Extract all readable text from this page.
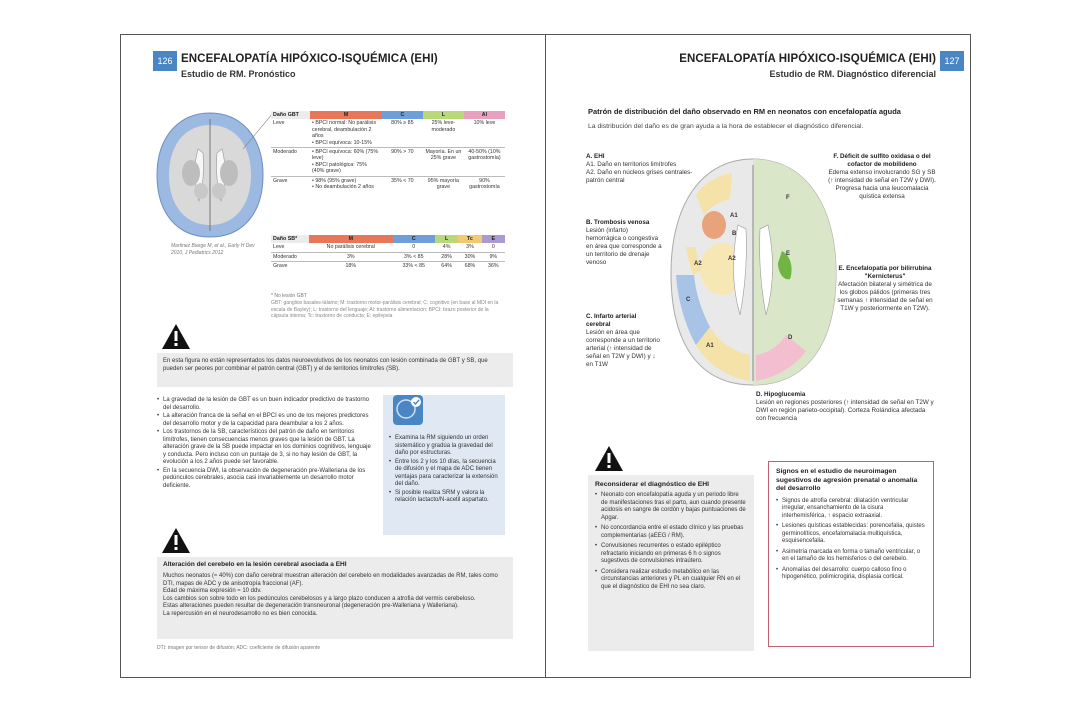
126 ENCEFALOPATÍA HIPÓXICO-ISQUÉMICA (EHI)
Estudio de RM. Pronóstico
Martinez Biarge M, et al., Early H Dev 2010, J Pediatrics 2012
Daño GBT	M	C	L	Al
Leve	• BPCI normal: No parálisis cerebral, deambulación 2 años
• BPCI equívoca: 10-15%	80% ≥ 85	25% leve-moderado	10% leve
Moderado	• BPCI equívoca: 60% (75% leve)
• BPCI patológica: 75% (40% grave)	90% > 70	Mayoría. En un 25% grave	40-50% (10% gastrostomía)
Grave	• 98% (95% grave)
• No deambulación 2 años	35% < 70	95% mayoría grave	90% gastrostomía
Daño SB*	M	C	L	Tc	E
Leve	No parálisis cerebral	0	4%	3%	0
Moderado	3%	3% < 85	28%	30%	9%
Grave	18%	33% < 85	64%	68%	36%
* No lesión GBT
GBT: ganglios basales-tálamo; M: trastorno motor-parálisis cerebral; C: cognitivo (en base al MDI en la escala de Bayley); L: trastorno del lenguaje; Al: trastorno alimentación; BPCI: brazo posterior de la cápsula interna; Tc: trastorno de conducta; E: epilepsia
En esta figura no están representados los datos neuroevolutivos de los neonatos con lesión combinada de GBT y SB, que pueden ser peores por combinar el patrón central (GBT) y el de territorios limítrofes (SB).
• La gravedad de la lesión de GBT es un buen indicador predictivo de trastorno del desarrollo.
• La alteración franca de la señal en el BPCI es uno de los mejores predictores del desarrollo motor y de la capacidad para deambular a los 2 años.
• Los trastornos de la SB, característicos del patrón de daño en territorios limítrofes, tienen consecuencias menos graves que la lesión de GBT. La alteración grave de la SB puede impactar en los dominios cognitivos, lenguaje y conducta. Pero incluso con un puntaje de 3, si no hay lesión de GBT, la evolución a los 2 años puede ser favorable.
• En la secuencia DWI, la observación de degeneración pre-Walleriana de los pedúnculos cerebrales, asocia casi invariablemente un desarrollo motor deficiente.
• Examina la RM siguiendo un orden sistemático y gradúa la gravedad del daño por estructuras.
• Entre los 2 y los 10 días, la secuencia de difusión y el mapa de ADC tienen ventajas para caracterizar la extensión del daño.
• Si posible realiza SRM y valora la relación lactacto/N-acetil aspartato.
Alteración del cerebelo en la lesión cerebral asociada a EHI
Muchos neonatos (≈ 40%) con daño cerebral muestran alteración del cerebelo en modalidades avanzadas de RM, tales como DTI, mapas de ADC y de anisotropía fraccional (AF).
Edad de máxima expresión ≈ 10 ddv.
Los cambios son sobre todo en los pedúnculos cerebelosos y a largo plazo conducen a atrofia del vermis cerebeloso.
Estas alteraciones pueden resultar de degeneración transneuronal (degeneración pre-Walleriana y Walleriana).
La repercusión en el neurodesarrollo no es bien conocida.
DTI: imagen por tensor de difusión; ADC: coeficiente de difusión aparente
ENCEFALOPATÍA HIPÓXICO-ISQUÉMICA (EHI)
Estudio de RM. Diagnóstico diferencial
127
Patrón de distribución del daño observado en RM en neonatos con encefalopatía aguda
La distribución del daño es de gran ayuda a la hora de establecer el diagnóstico diferencial.
A1
B
A2
A2
E
F
C
A1
D
A. EHI
A1. Daño en territorios limítrofes
A2. Daño en núcleos grises centrales-patrón central
B. Trombosis venosa
Lesión (infarto) hemorrágica o congestiva en área que corresponde a un territorio de drenaje venoso
C. Infarto arterial cerebral
Lesión en área que corresponde a un territorio arterial (↑ intensidad de señal en T2W y DWI) y ↓ en T1W
F. Déficit de sulfito oxidasa o del cofactor de mobilideno
Edema extenso involucrando SG y SB (↑ intensidad de señal en T2W y DWI). Progresa hacia una leucomalacia quística extensa
E. Encefalopatía por bilirrubina "Kernicterus"
Afectación bilateral y simétrica de los globos pálidos (primeras tres semanas ↑ intensidad de señal en T1W y posteriormente en T2W).
D. Hipoglucemia
Lesión en regiones posteriores (↑ intensidad de señal en T2W y DWI en región parieto-occipital). Corteza Rolándica afectada con frecuencia
Reconsiderar el diagnóstico de EHI
• Neonato con encefalopatía aguda y un periodo libre de manifestaciones tras el parto, aun cuando presente acidosis en sangre de cordón y bajas puntuaciones de Apgar.
• No concordancia entre el estado clínico y las pruebas complementarias (aEEG / RM).
• Convulsiones recurrentes o estado epiléptico refractario iniciando en primeras 6 h o signos sugestivos de convulsiones intraútero.
• Considera realizar estudio metabólico en las circunstancias anteriores y PL en cualquier RN en el que el diagnóstico de EHI no sea claro.
Signos en el estudio de neuroimagen sugestivos de agresión prenatal o anomalía del desarrollo
• Signos de atrofia cerebral: dilatación ventricular irregular, ensanchamiento de la cisura interhemisférica, ↑ espacio extraaxial.
• Lesiones quísticas establecidas: porencefalia, quistes germinolíticos, encefalomalacia multiquística, esquisencefalia.
• Asimetría marcada en forma o tamaño ventricular, o en el tamaño de los hemisferios o del cerebelo.
• Anomalías del desarrollo: cuerpo calloso fino o hipogenético, polimicrogiria, displasia cortical.
